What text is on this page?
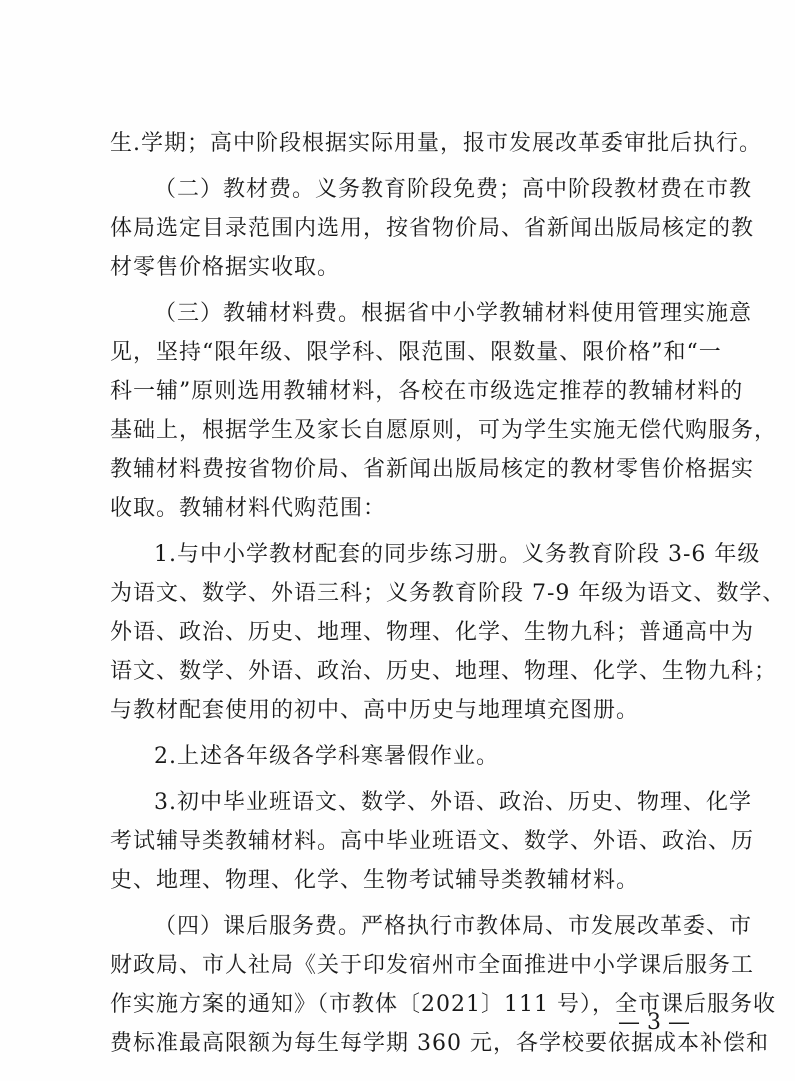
生.学期；高中阶段根据实际用量，报市发展改革委审批后执行。
（二）教材费。义务教育阶段免费；高中阶段教材费在市教
体局选定目录范围内选用，按省物价局、省新闻出版局核定的教
材零售价格据实收取。
（三）教辅材料费。根据省中小学教辅材料使用管理实施意
见，坚持“限年级、限学科、限范围、限数量、限价格”和“一
科一辅”原则选用教辅材料，各校在市级选定推荐的教辅材料的
基础上，根据学生及家长自愿原则，可为学生实施无偿代购服务，
教辅材料费按省物价局、省新闻出版局核定的教材零售价格据实
收取。教辅材料代购范围：
1.与中小学教材配套的同步练习册。义务教育阶段 3-6 年级
为语文、数学、外语三科；义务教育阶段 7-9 年级为语文、数学、
外语、政治、历史、地理、物理、化学、生物九科；普通高中为
语文、数学、外语、政治、历史、地理、物理、化学、生物九科；
与教材配套使用的初中、高中历史与地理填充图册。
2.上述各年级各学科寒暑假作业。
3.初中毕业班语文、数学、外语、政治、历史、物理、化学
考试辅导类教辅材料。高中毕业班语文、数学、外语、政治、历
史、地理、物理、化学、生物考试辅导类教辅材料。
（四）课后服务费。严格执行市教体局、市发展改革委、市
财政局、市人社局《关于印发宿州市全面推进中小学课后服务工
作实施方案的通知》（市教体〔2021〕111 号），全市课后服务收
费标准最高限额为每生每学期 360 元，各学校要依据成本补偿和
— 3 —
